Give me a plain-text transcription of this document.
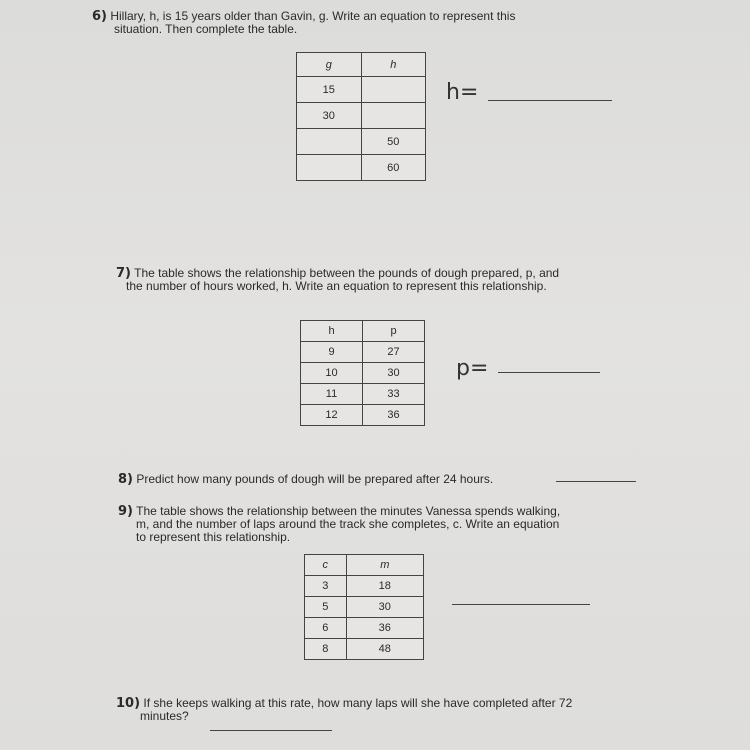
6) Hillary, h, is 15 years older than Gavin, g. Write an equation to represent this
situation. Then complete the table.
g	h
15	
30	
	50
	60
h=
7) The table shows the relationship between the pounds of dough prepared, p, and
the number of hours worked, h. Write an equation to represent this relationship.
h	p
9	27
10	30
11	33
12	36
p=
8) Predict how many pounds of dough will be prepared after 24 hours.
9) The table shows the relationship between the minutes Vanessa spends walking,
m, and the number of laps around the track she completes, c. Write an equation
to represent this relationship.
c	m
3	18
5	30
6	36
8	48
10) If she keeps walking at this rate, how many laps will she have completed after 72
minutes?
